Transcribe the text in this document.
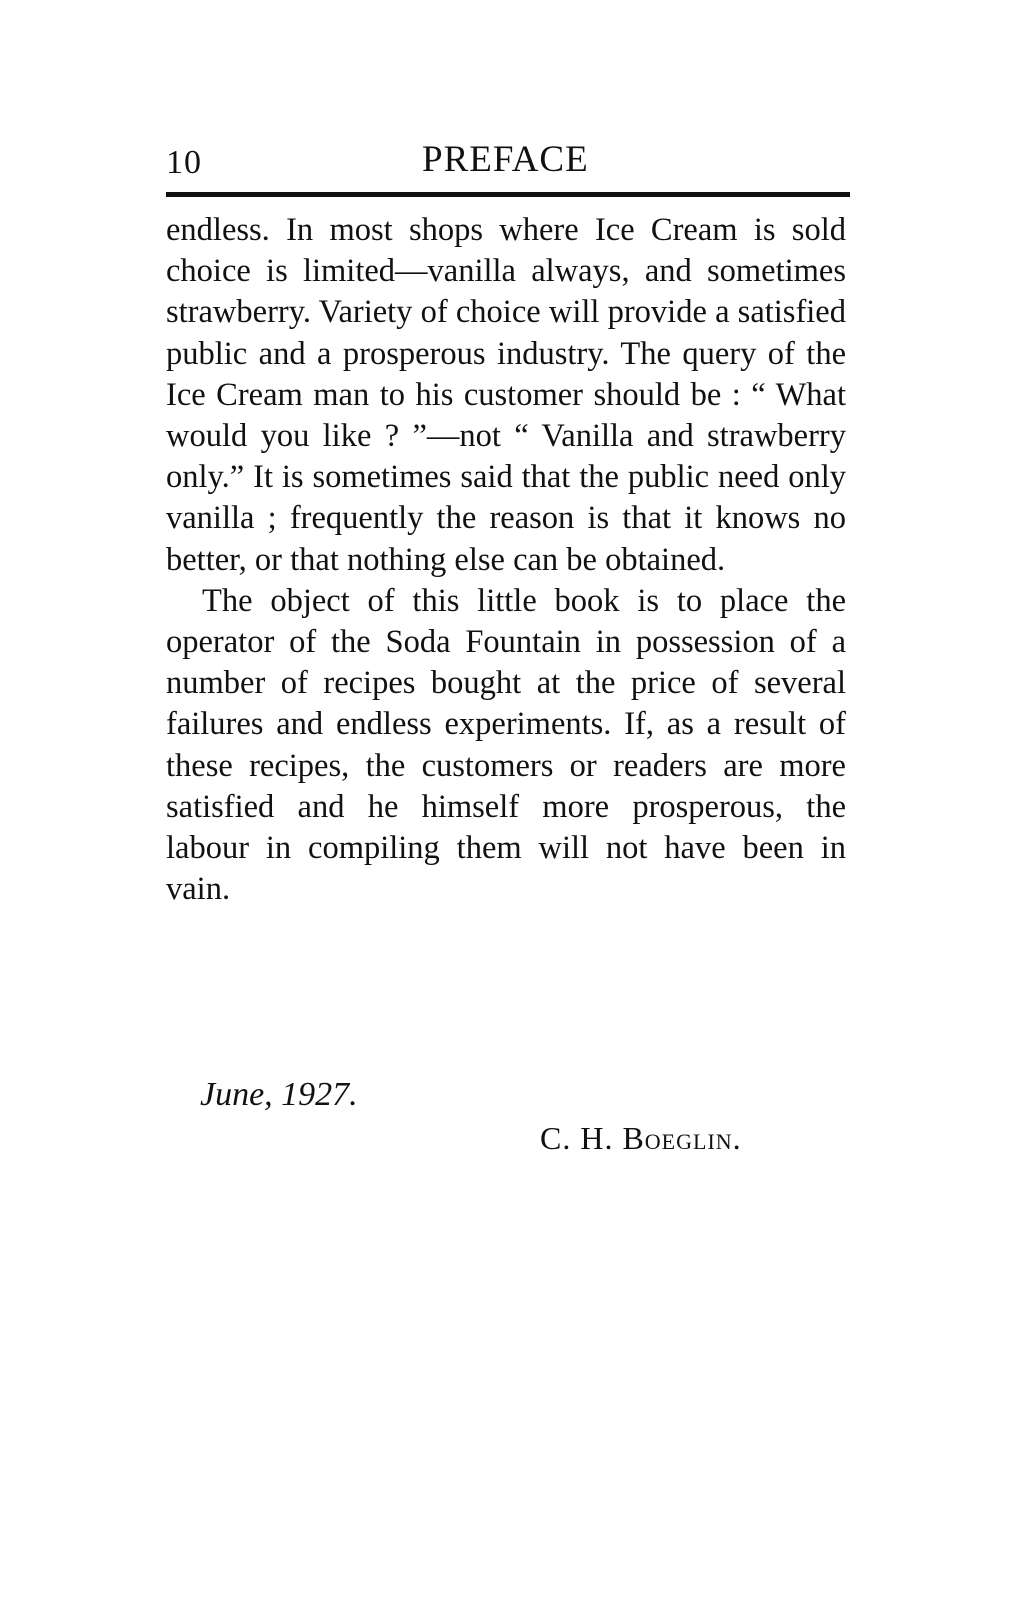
10	PREFACE

endless. In most shops where Ice Cream is sold choice is limited—vanilla always, and sometimes strawberry. Variety of choice will provide a satisfied public and a prosperous industry. The query of the Ice Cream man to his customer should be : “ What would you like ? ”—not “ Vanilla and strawberry only.” It is sometimes said that the public need only vanilla ; frequently the reason is that it knows no better, or that nothing else can be obtained.

The object of this little book is to place the operator of the Soda Fountain in possession of a number of recipes bought at the price of several failures and endless experiments. If, as a result of these recipes, the customers or readers are more satisfied and he himself more prosperous, the labour in compiling them will not have been in vain.

June, 1927.
C. H. Boeglin.
